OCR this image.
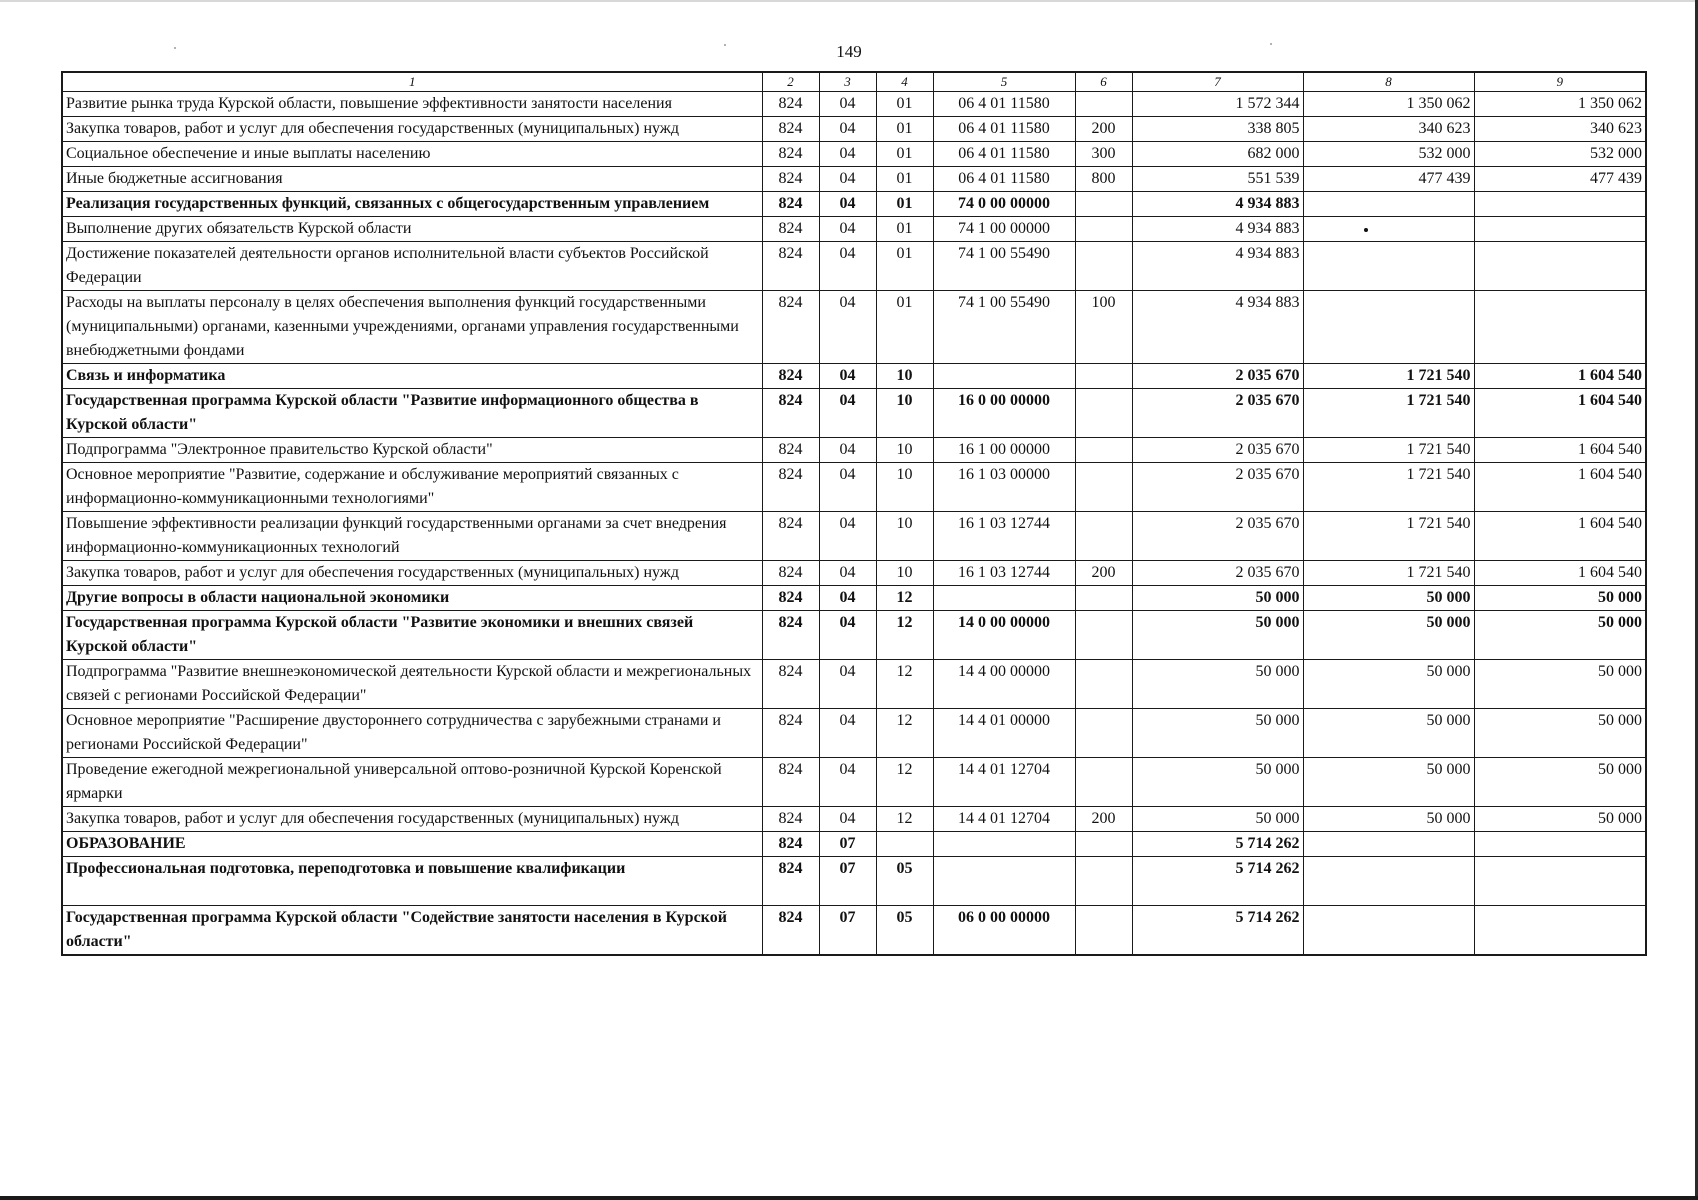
149
1	2	3	4	5	6	7	8	9
Развитие рынка труда Курской области, повышение эффективности занятости населения	824	04	01	06 4 01 11580		1 572 344	1 350 062	1 350 062
Закупка товаров, работ и услуг для обеспечения государственных (муниципальных) нужд	824	04	01	06 4 01 11580	200	338 805	340 623	340 623
Социальное обеспечение и иные выплаты населению	824	04	01	06 4 01 11580	300	682 000	532 000	532 000
Иные бюджетные ассигнования	824	04	01	06 4 01 11580	800	551 539	477 439	477 439
Реализация государственных функций, связанных с общегосударственным управлением	824	04	01	74 0 00 00000		4 934 883		
Выполнение других обязательств Курской области	824	04	01	74 1 00 00000		4 934 883	

Достижение показателей деятельности органов исполнительной власти субъектов Российской Федерации	824	04	01	74 1 00 55490		4 934 883		
Расходы на выплаты персоналу в целях обеспечения выполнения функций государственными (муниципальными) органами, казенными учреждениями, органами управления государственными внебюджетными фондами	824	04	01	74 1 00 55490	100	4 934 883		
Связь и информатика	824	04	10			2 035 670	1 721 540	1 604 540
Государственная программа Курской области "Развитие информационного общества в Курской области"	824	04	10	16 0 00 00000		2 035 670	1 721 540	1 604 540
Подпрограмма "Электронное правительство Курской области"	824	04	10	16 1 00 00000		2 035 670	1 721 540	1 604 540
Основное мероприятие "Развитие, содержание и обслуживание мероприятий связанных с информационно-коммуникационными технологиями"	824	04	10	16 1 03 00000		2 035 670	1 721 540	1 604 540
Повышение эффективности реализации функций государственными органами за счет внедрения информационно-коммуникационных технологий	824	04	10	16 1 03 12744		2 035 670	1 721 540	1 604 540
Закупка товаров, работ и услуг для обеспечения государственных (муниципальных) нужд	824	04	10	16 1 03 12744	200	2 035 670	1 721 540	1 604 540
Другие вопросы в области национальной экономики	824	04	12			50 000	50 000	50 000
Государственная программа Курской области "Развитие экономики и внешних связей Курской области"	824	04	12	14 0 00 00000		50 000	50 000	50 000
Подпрограмма "Развитие внешнеэкономической деятельности Курской области и межрегиональных связей с регионами Российской Федерации"	824	04	12	14 4 00 00000		50 000	50 000	50 000
Основное мероприятие "Расширение двустороннего сотрудничества с зарубежными странами и регионами Российской Федерации"	824	04	12	14 4 01 00000		50 000	50 000	50 000
Проведение ежегодной межрегиональной универсальной оптово-розничной Курской Коренской ярмарки	824	04	12	14 4 01 12704		50 000	50 000	50 000
Закупка товаров, работ и услуг для обеспечения государственных (муниципальных) нужд	824	04	12	14 4 01 12704	200	50 000	50 000	50 000
ОБРАЗОВАНИЕ	824	07				5 714 262		
Профессиональная подготовка, переподготовка и повышение квалификации	824	07	05			5 714 262		
Государственная программа Курской области "Содействие занятости населения в Курской области"	824	07	05	06 0 00 00000		5 714 262		
